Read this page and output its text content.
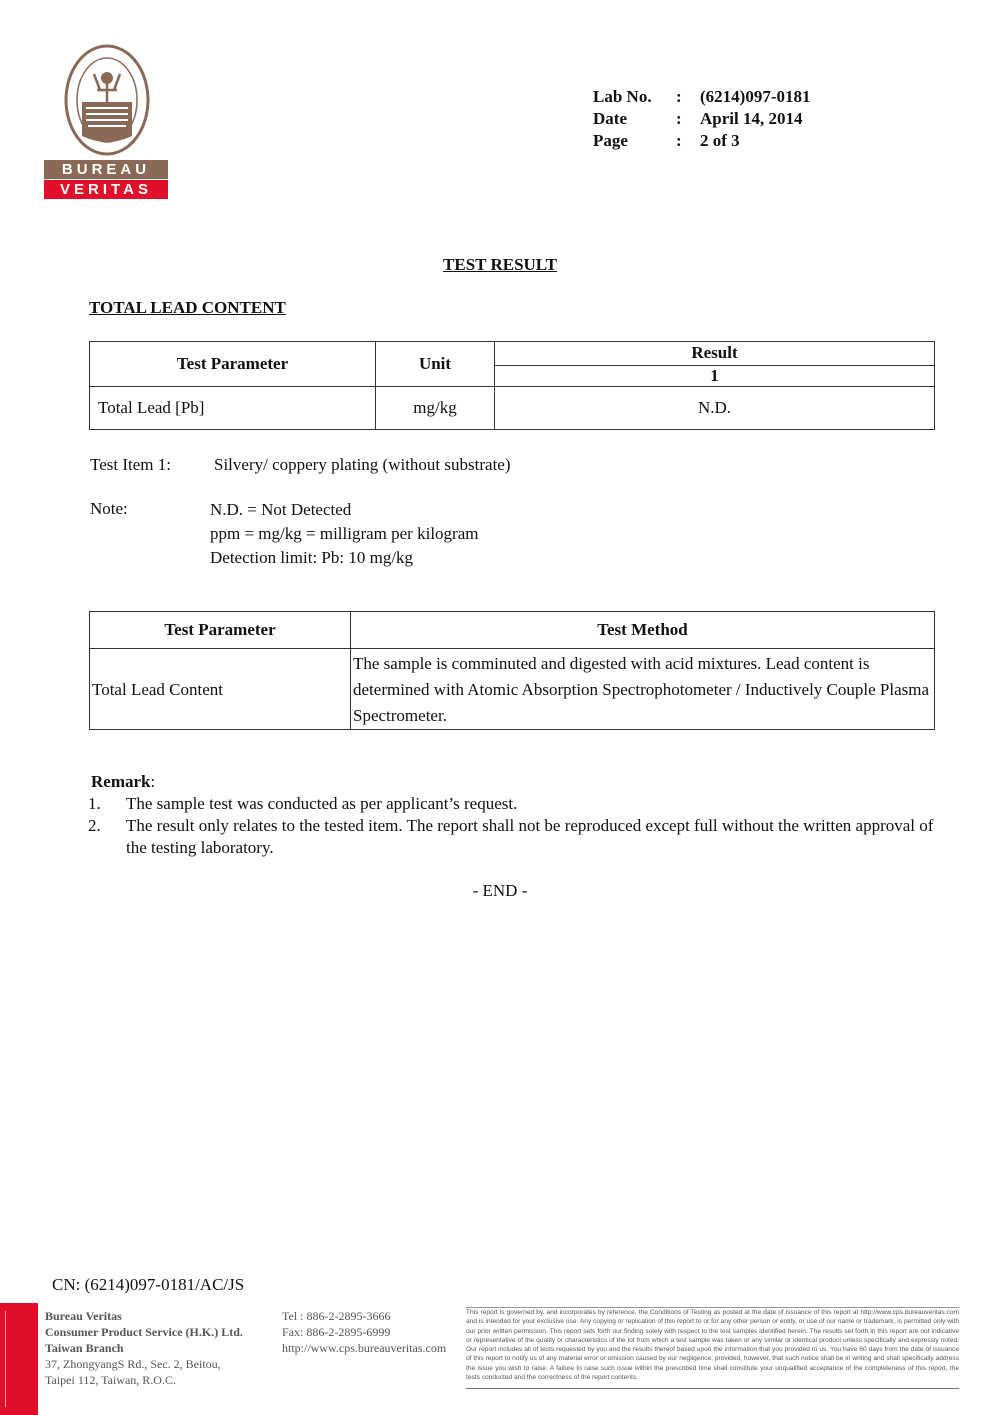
BUREAU
VERITAS
Lab No.	:	(6214)097-0181
Date	:	April 14, 2014
Page	:	2 of 3
TEST RESULT
TOTAL LEAD CONTENT
Test Parameter	Unit	Result
		1
Total Lead [Pb]	mg/kg	N.D.
Test Item 1:	Silvery/ coppery plating (without substrate)
Note:	N.D. = Not Detected
ppm = mg/kg = milligram per kilogram
Detection limit: Pb: 10 mg/kg
Test Parameter	Test Method
Total Lead Content	The sample is comminuted and digested with acid mixtures. Lead content is determined with Atomic Absorption Spectrophotometer / Inductively Couple Plasma Spectrometer.
Remark:
1.	The sample test was conducted as per applicant’s request.
2.	The result only relates to the tested item. The report shall not be reproduced except full without the written approval of the testing laboratory.
- END -
CN: (6214)097-0181/AC/JS
Bureau Veritas
Consumer Product Service (H.K.) Ltd.
Taiwan Branch
37, ZhongyangS Rd., Sec. 2, Beitou,
Taipei 112, Taiwan, R.O.C.
Tel : 886-2-2895-3666
Fax: 886-2-2895-6999
http://www.cps.bureauveritas.com
This report is governed by, and incorporates by reference, the Conditions of Testing as posted at the date of issuance of this report at http://www.cps.bureauveritas.com and is intended for your exclusive use. Any copying or replication of this report to or for any other person or entity, or use of our name or trademark, is permitted only with our prior written permission. This report sets forth our finding solely with respect to the test samples identified herein. The results set forth in this report are not indicative or representative of the quality or characteristics of the lot from which a test sample was taken or any similar or identical product unless specifically and expressly noted. Our report includes all of tests requested by you and the results thereof based upon the information that you provided to us. You have 60 days from the date of issuance of this report to notify us of any material error or omission caused by our negligence; provided, however, that such notice shall be in writing and shall specifically address the issue you wish to raise. A failure to raise such issue within the prescribed time shall constitute your unqualified acceptance of the completeness of this report, the tests conducted and the correctness of the report contents.
